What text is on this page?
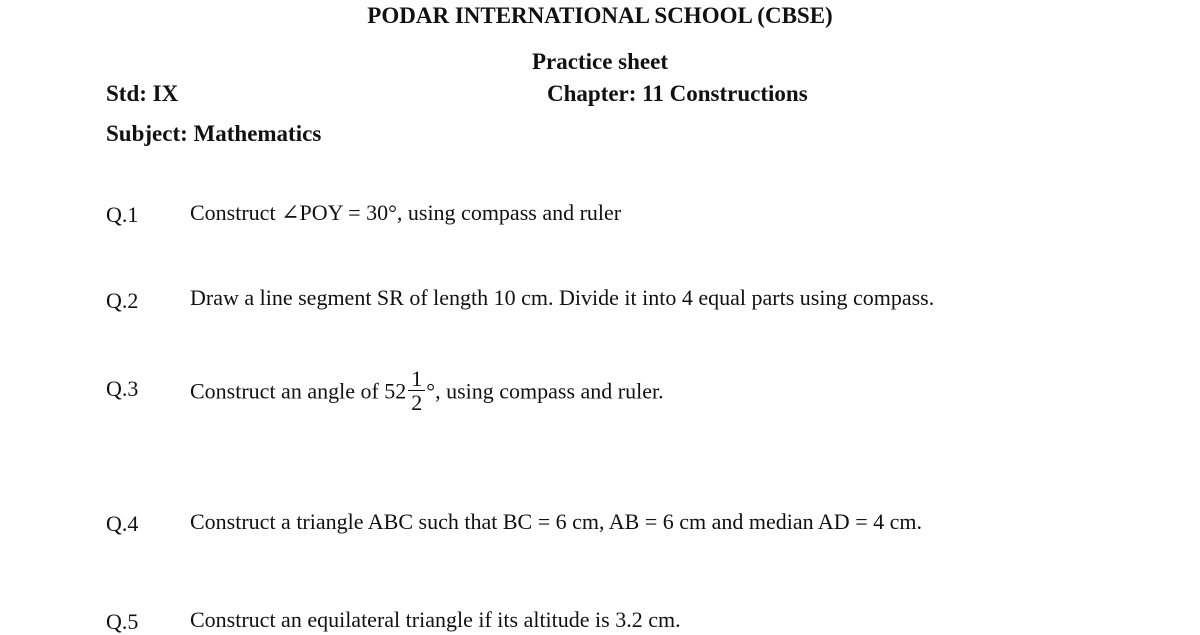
PODAR INTERNATIONAL SCHOOL (CBSE)
Practice sheet
Std: IX	Chapter: 11 Constructions
Subject: Mathematics
Q.1 Construct ∠POY = 30°, using compass and ruler
Q.2 Draw a line segment SR of length 10 cm. Divide it into 4 equal parts using compass.
Q.3 Construct an angle of $52 \frac{1}{2}$ °, using compass and ruler.
Q.4 Construct a triangle ABC such that BC = 6 cm, AB = 6 cm and median AD = 4 cm.
Q.5 Construct an equilateral triangle if its altitude is 3.2 cm.
